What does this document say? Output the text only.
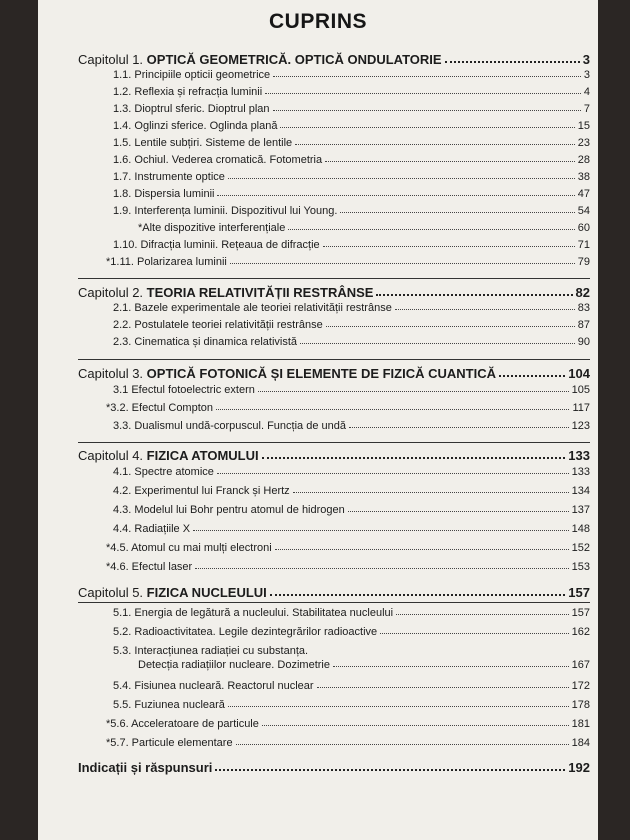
CUPRINS
Capitolul 1. OPTICĂ GEOMETRICĂ. OPTICĂ ONDULATORIE	3
1.1. Principiile opticii geometrice	3
1.2. Reflexia și refracția luminii	4
1.3. Dioptrul sferic. Dioptrul plan	7
1.4. Oglinzi sferice. Oglinda plană	15
1.5. Lentile subțiri. Sisteme de lentile	23
1.6. Ochiul. Vederea cromatică. Fotometria	28
1.7. Instrumente optice	38
1.8. Dispersia luminii	47
1.9. Interferența luminii. Dispozitivul lui Young.	54
*Alte dispozitive interferențiale	60
1.10. Difracția luminii. Rețeaua de difracție	71
*1.11. Polarizarea luminii	79
Capitolul 2. TEORIA RELATIVITĂȚII RESTRÂNSE	82
2.1. Bazele experimentale ale teoriei relativității restrânse	83
2.2. Postulatele teoriei relativității restrânse	87
2.3. Cinematica și dinamica relativistă	90
Capitolul 3. OPTICĂ FOTONICĂ ȘI ELEMENTE DE FIZICĂ CUANTICĂ	104
3.1 Efectul fotoelectric extern	105
*3.2. Efectul Compton	117
3.3. Dualismul undă-corpuscul. Funcția de undă	123
Capitolul 4. FIZICA ATOMULUI	133
4.1. Spectre atomice	133
4.2. Experimentul lui Franck și Hertz	134
4.3. Modelul lui Bohr pentru atomul de hidrogen	137
4.4. Radiațiile X	148
*4.5. Atomul cu mai mulți electroni	152
*4.6. Efectul laser	153
Capitolul 5. FIZICA NUCLEULUI	157
5.1. Energia de legătură a nucleului. Stabilitatea nucleului	157
5.2. Radioactivitatea. Legile dezintegrărilor radioactive	162
5.3. Interacțiunea radiației cu substanța.
Detecția radiațiilor nucleare. Dozimetrie	167
5.4. Fisiunea nucleară. Reactorul nuclear	172
5.5. Fuziunea nucleară	178
*5.6. Acceleratoare de particule	181
*5.7. Particule elementare	184
Indicații și răspunsuri	192
